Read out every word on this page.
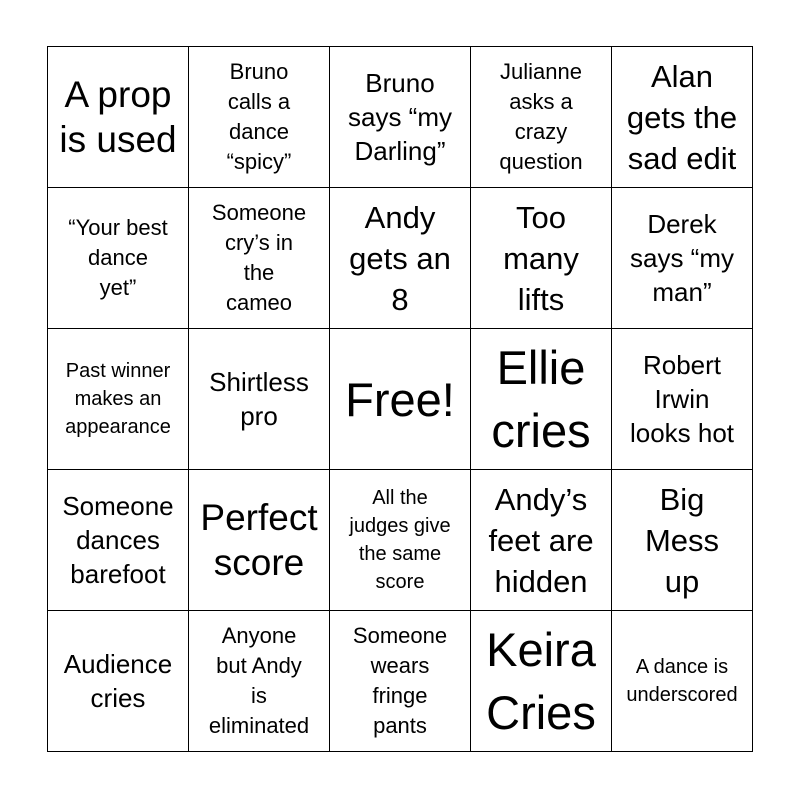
A prop
is used
Bruno
calls a
dance
“spicy”
Bruno
says “my
Darling”
Julianne
asks a
crazy
question
Alan
gets the
sad edit
“Your best
dance
yet”
Someone
cry’s in
the
cameo
Andy
gets an
8
Too
many
lifts
Derek
says “my
man”
Past winner
makes an
appearance
Shirtless
pro	Free!
Ellie
cries
Robert
Irwin
looks hot
Someone
dances
barefoot
Perfect
score
All the
judges give
the same
score
Andy’s
feet are
hidden
Big
Mess
up
Audience
cries
Anyone
but Andy
is
eliminated
Someone
wears
fringe
pants
Keira
Cries
A dance is
underscored
